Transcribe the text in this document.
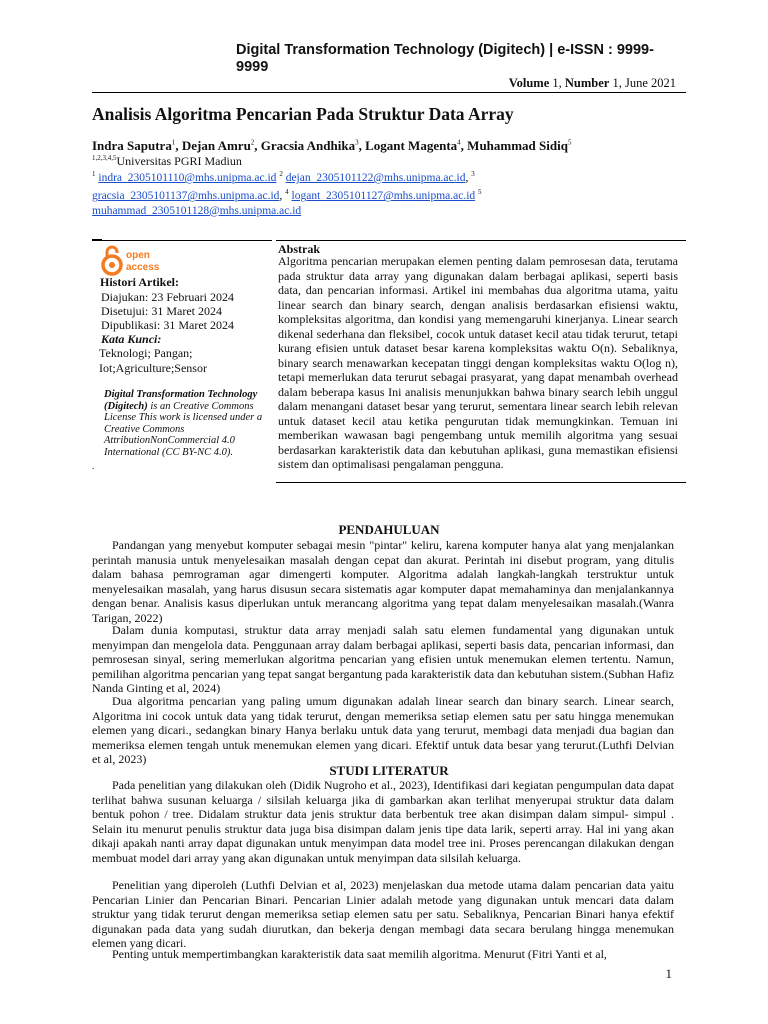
Digital Transformation Technology (Digitech) | e-ISSN : 9999-9999
Volume 1, Number 1, June 2021
Analisis Algoritma Pencarian Pada Struktur Data Array
Indra Saputra$^1$, Dejan Amru$^2$, Gracsia Andhika$^3$, Logant Magenta$^4$, Muhammad Sidiq$^5$
$^{1,2,3,4,5}$Universitas PGRI Madiun
$^1$ indra_2305101110@mhs.unipma.ac.id $^2$ dejan_2305101122@mhs.unipma.ac.id, $^3$
gracsia_2305101137@mhs.unipma.ac.id, $^4$ logant_2305101127@mhs.unipma.ac.id $^5$
muhammad_2305101128@mhs.unipma.ac.id
open
access
Histori Artikel:
Diajukan: 23 Februari 2024
Disetujui: 31 Maret 2024
Dipublikasi: 31 Maret 2024
Kata Kunci:
Teknologi; Pangan; Iot;Agriculture;Sensor
Digital Transformation Technology (Digitech) is an Creative Commons License This work is licensed under a Creative Commons AttributionNonCommercial 4.0 International (CC BY-NC 4.0).
.
Abstrak
Algoritma pencarian merupakan elemen penting dalam pemrosesan data, terutama pada struktur data array yang digunakan dalam berbagai aplikasi, seperti basis data, dan pencarian informasi. Artikel ini membahas dua algoritma utama, yaitu linear search dan binary search, dengan analisis berdasarkan efisiensi waktu, kompleksitas algoritma, dan kondisi yang memengaruhi kinerjanya. Linear search dikenal sederhana dan fleksibel, cocok untuk dataset kecil atau tidak terurut, tetapi kurang efisien untuk dataset besar karena kompleksitas waktu O(n). Sebaliknya, binary search menawarkan kecepatan tinggi dengan kompleksitas waktu O(log n), tetapi memerlukan data terurut sebagai prasyarat, yang dapat menambah overhead dalam beberapa kasus Ini analisis menunjukkan bahwa binary search lebih unggul dalam menangani dataset besar yang terurut, sementara linear search lebih relevan untuk dataset kecil atau ketika pengurutan tidak memungkinkan. Temuan ini memberikan wawasan bagi pengembang untuk memilih algoritma yang sesuai berdasarkan karakteristik data dan kebutuhan aplikasi, guna memastikan efisiensi sistem dan optimalisasi pengalaman pengguna.
PENDAHULUAN
Pandangan yang menyebut komputer sebagai mesin "pintar" keliru, karena komputer hanya alat yang menjalankan perintah manusia untuk menyelesaikan masalah dengan cepat dan akurat. Perintah ini disebut program, yang ditulis dalam bahasa pemrograman agar dimengerti komputer. Algoritma adalah langkah-langkah terstruktur untuk menyelesaikan masalah, yang harus disusun secara sistematis agar komputer dapat memahaminya dan menjalankannya dengan benar. Analisis kasus diperlukan untuk merancang algoritma yang tepat dalam menyelesaikan masalah.(Wanra Tarigan, 2022)
Dalam dunia komputasi, struktur data array menjadi salah satu elemen fundamental yang digunakan untuk menyimpan dan mengelola data. Penggunaan array dalam berbagai aplikasi, seperti basis data, pencarian informasi, dan pemrosesan sinyal, sering memerlukan algoritma pencarian yang efisien untuk menemukan elemen tertentu. Namun, pemilihan algoritma pencarian yang tepat sangat bergantung pada karakteristik data dan kebutuhan sistem.(Subhan Hafiz Nanda Ginting et al, 2024)
Dua algoritma pencarian yang paling umum digunakan adalah linear search dan binary search. Linear search, Algoritma ini cocok untuk data yang tidak terurut, dengan memeriksa setiap elemen satu per satu hingga menemukan elemen yang dicari., sedangkan binary Hanya berlaku untuk data yang terurut, membagi data menjadi dua bagian dan memeriksa elemen tengah untuk menemukan elemen yang dicari. Efektif untuk data besar yang terurut.(Luthfi Delvian et al, 2023)
STUDI LITERATUR
Pada penelitian yang dilakukan oleh (Didik Nugroho et al., 2023), Identifikasi dari kegiatan pengumpulan data dapat terlihat bahwa susunan keluarga / silsilah keluarga jika di gambarkan akan terlihat menyerupai struktur data dalam bentuk pohon / tree. Didalam struktur data jenis struktur data berbentuk tree akan disimpan dalam simpul- simpul . Selain itu menurut penulis struktur data juga bisa disimpan dalam jenis tipe data larik, seperti array. Hal ini yang akan dikaji apakah nanti array dapat digunakan untuk menyimpan data model tree ini. Proses perencangan dilakukan dengan membuat model dari array yang akan digunakan untuk menyimpan data silsilah keluarga.
Penelitian yang diperoleh (Luthfi Delvian et al, 2023) menjelaskan dua metode utama dalam pencarian data yaitu Pencarian Linier dan Pencarian Binari. Pencarian Linier adalah metode yang digunakan untuk mencari data dalam struktur yang tidak terurut dengan memeriksa setiap elemen satu per satu. Sebaliknya, Pencarian Binari hanya efektif digunakan pada data yang sudah diurutkan, dan bekerja dengan membagi data secara berulang hingga menemukan elemen yang dicari.
Penting untuk mempertimbangkan karakteristik data saat memilih algoritma. Menurut (Fitri Yanti et al,
1
